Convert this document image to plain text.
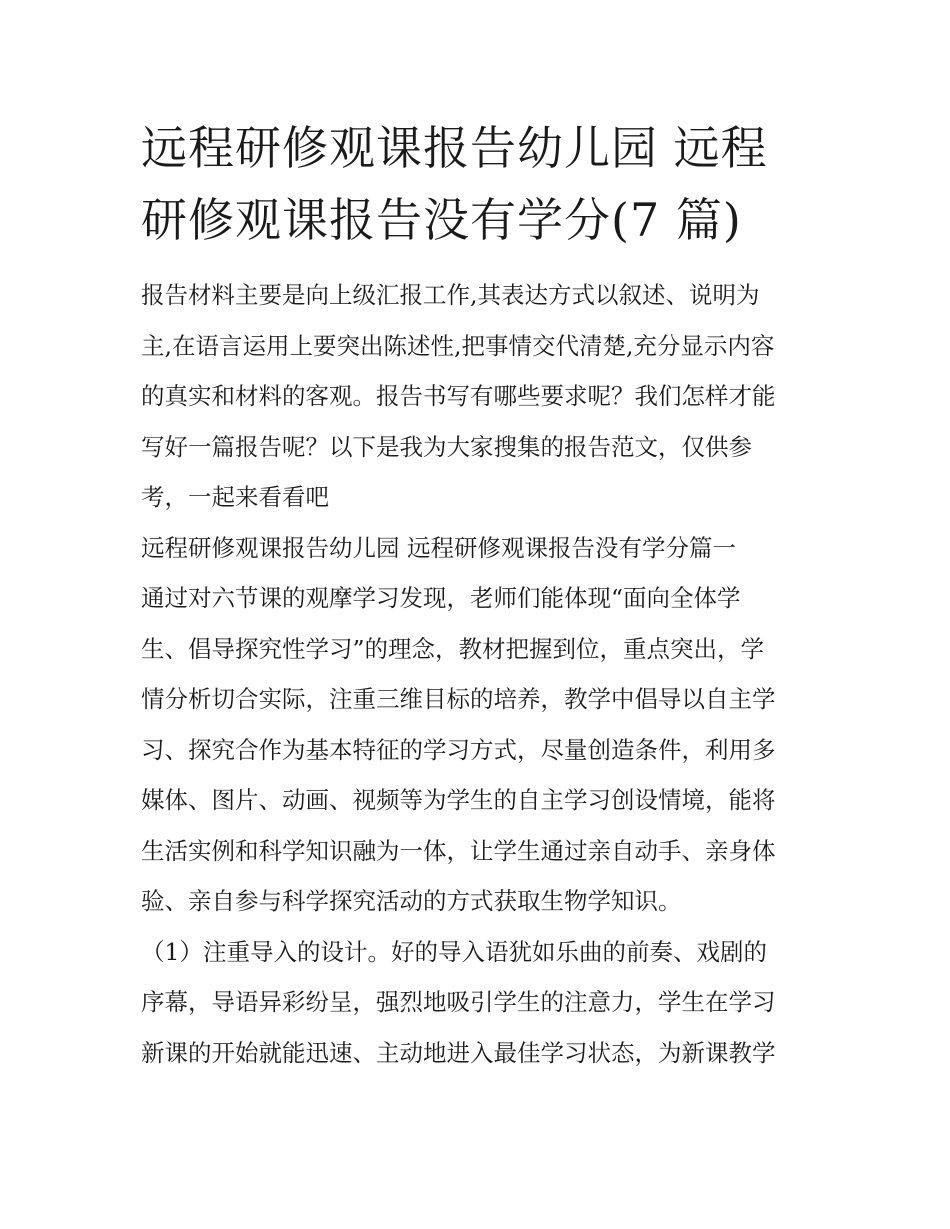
远程研修观课报告幼儿园 远程
研修观课报告没有学分(7 篇)

报告材料主要是向上级汇报工作,其表达方式以叙述、说明为
主,在语言运用上要突出陈述性,把事情交代清楚,充分显示内容
的真实和材料的客观。报告书写有哪些要求呢？我们怎样才能
写好一篇报告呢？以下是我为大家搜集的报告范文，仅供参
考，一起来看看吧

远程研修观课报告幼儿园 远程研修观课报告没有学分篇一

通过对六节课的观摩学习发现，老师们能体现“面向全体学
生、倡导探究性学习”的理念，教材把握到位，重点突出，学
情分析切合实际，注重三维目标的培养，教学中倡导以自主学
习、探究合作为基本特征的学习方式，尽量创造条件，利用多
媒体、图片、动画、视频等为学生的自主学习创设情境，能将
生活实例和科学知识融为一体，让学生通过亲自动手、亲身体
验、亲自参与科学探究活动的方式获取生物学知识。

（1）注重导入的设计。好的导入语犹如乐曲的前奏、戏剧的
序幕，导语异彩纷呈，强烈地吸引学生的注意力，学生在学习
新课的开始就能迅速、主动地进入最佳学习状态，为新课教学
